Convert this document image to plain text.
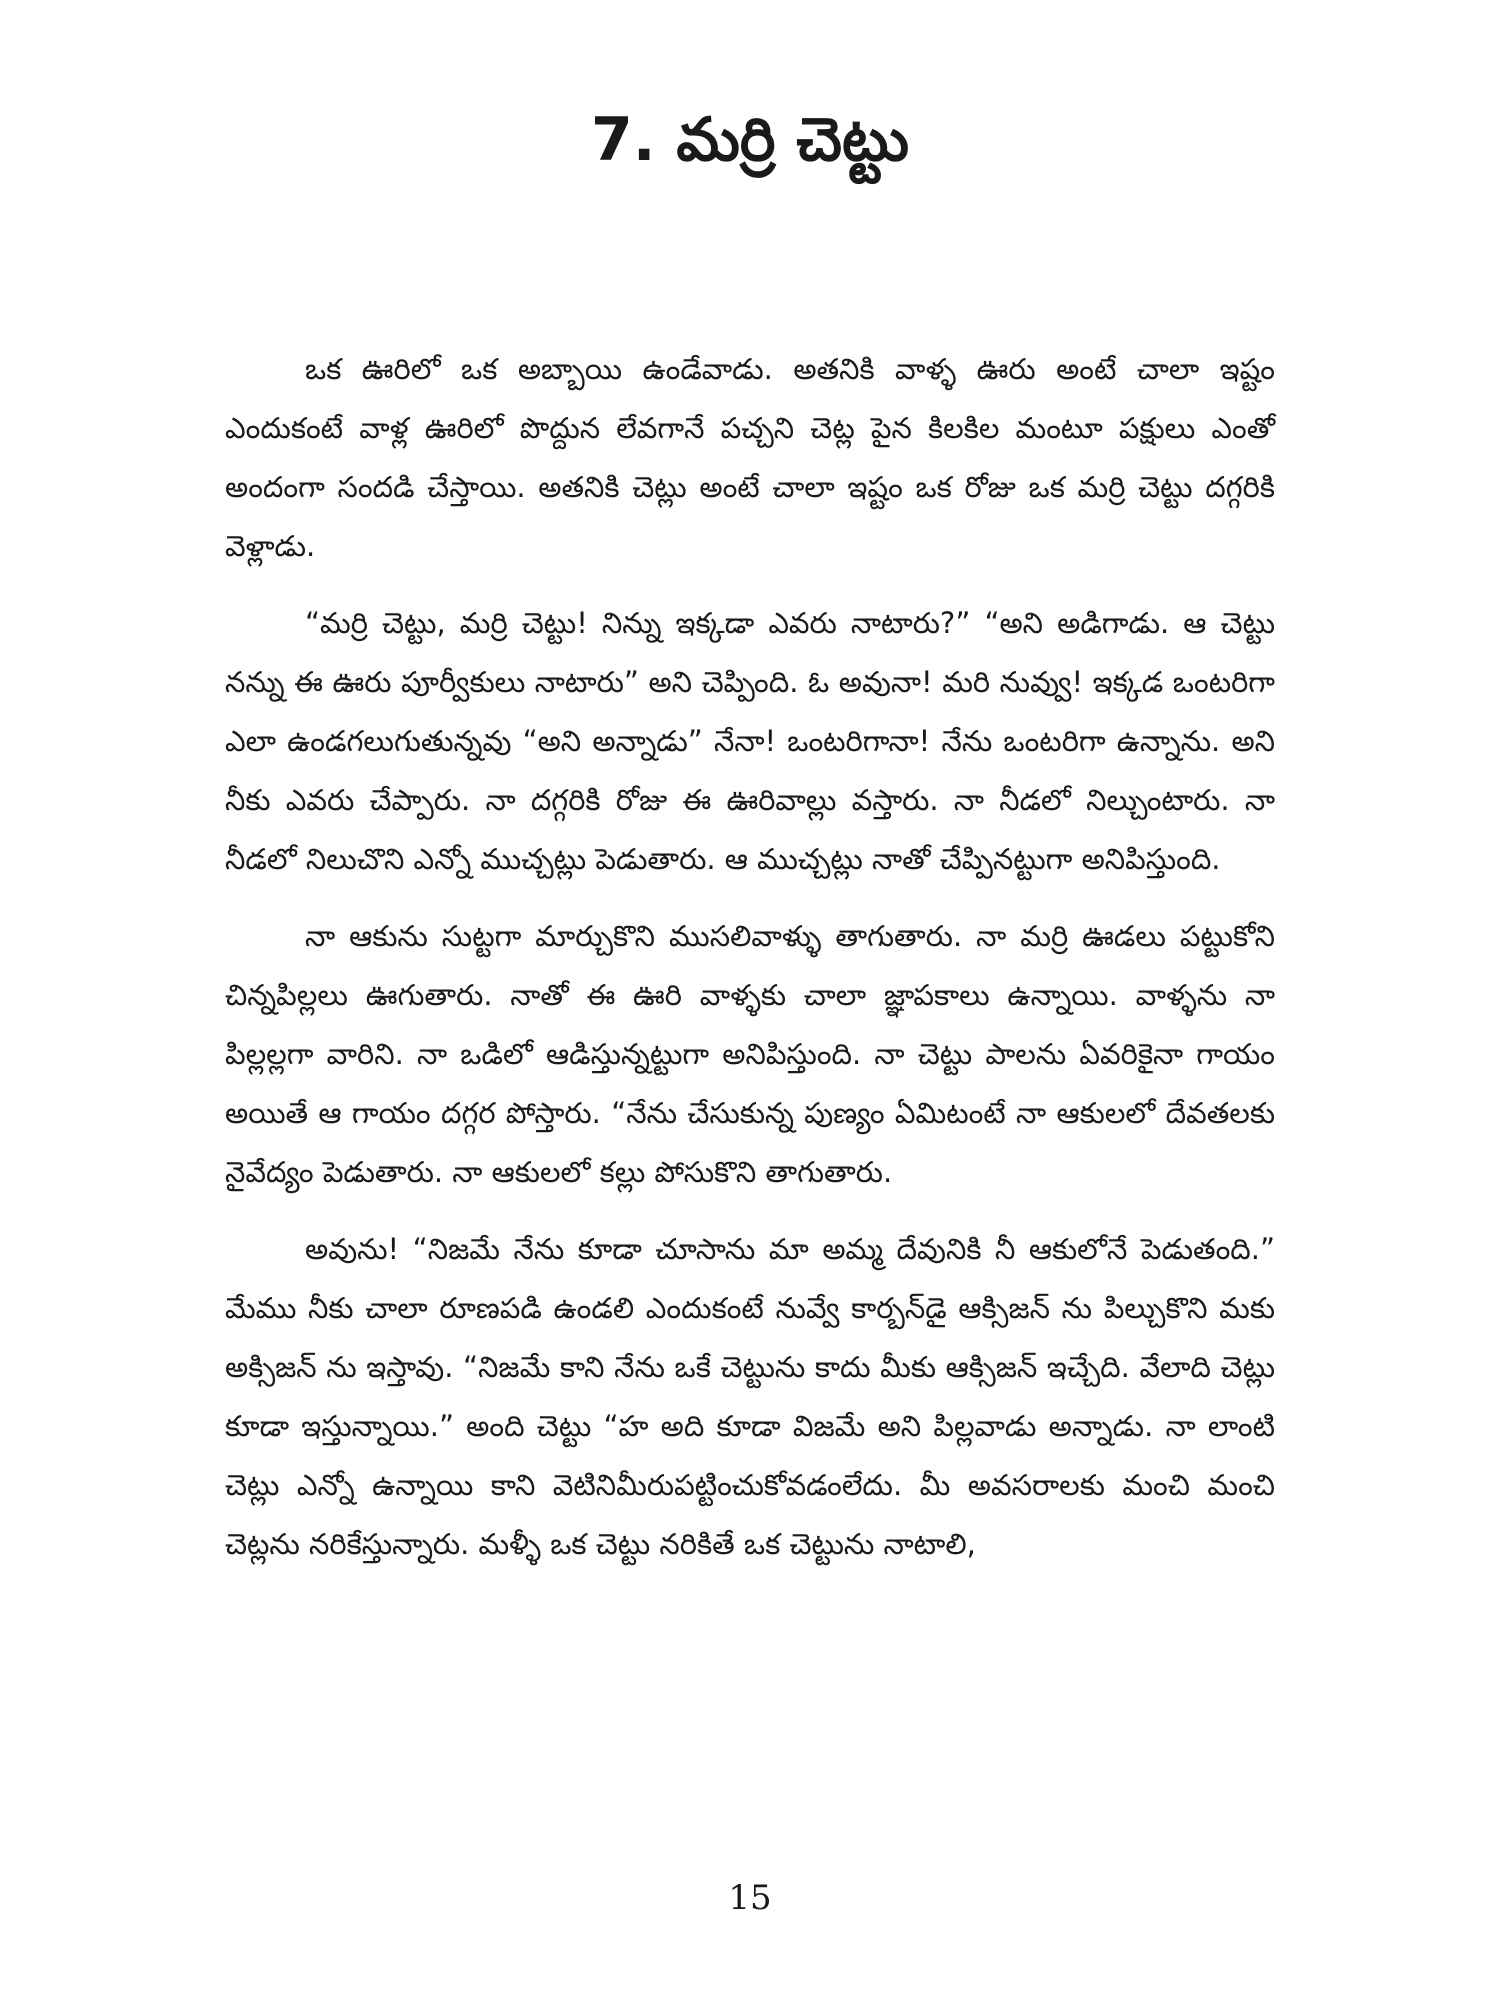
7. మర్రి చెట్టు

ఒక ఊరిలో ఒక అబ్బాయి ఉండేవాడు. అతనికి వాళ్ళ ఊరు అంటే చాలా ఇష్టం ఎందుకంటే వాళ్ల ఊరిలో పొద్దున లేవగానే పచ్చని చెట్ల పైన కిలకిల మంటూ పక్షులు ఎంతో అందంగా సందడి చేస్తాయి. అతనికి చెట్లు అంటే చాలా ఇష్టం ఒక రోజు ఒక మర్రి చెట్టు దగ్గరికి వెళ్లాడు.

“మర్రి చెట్టు, మర్రి చెట్టు! నిన్ను ఇక్కడా ఎవరు నాటారు?” “అని అడిగాడు. ఆ చెట్టు నన్ను ఈ ఊరు పూర్వీకులు నాటారు” అని చెప్పింది. ఓ అవునా! మరి నువ్వు! ఇక్కడ ఒంటరిగా ఎలా ఉండగలుగుతున్నవు “అని అన్నాడు” నేనా! ఒంటరిగానా! నేను ఒంటరిగా ఉన్నాను. అని నీకు ఎవరు చేప్పారు. నా దగ్గరికి రోజు ఈ ఊరివాల్లు వస్తారు. నా నీడలో నిల్చుంటారు. నా నీడలో నిలుచొని ఎన్నో ముచ్చట్లు పెడుతారు. ఆ ముచ్చట్లు నాతో చేప్పినట్టుగా అనిపిస్తుంది.

నా ఆకును సుట్టగా మార్చుకొని ముసలివాళ్ళు తాగుతారు. నా మర్రి ఊడలు పట్టుకోని చిన్నపిల్లలు ఊగుతారు. నాతో ఈ ఊరి వాళ్ళకు చాలా జ్ఞాపకాలు ఉన్నాయి. వాళ్ళను నా పిల్లల్లగా వారిని. నా ఒడిలో ఆడిస్తున్నట్టుగా అనిపిస్తుంది. నా చెట్టు పాలను ఏవరికైనా గాయం అయితే ఆ గాయం దగ్గర పోస్తారు. “నేను చేసుకున్న పుణ్యం ఏమిటంటే నా ఆకులలో దేవతలకు నైవేద్యం పెడుతారు. నా ఆకులలో కల్లు పోసుకొని తాగుతారు.

అవును! “నిజమే నేను కూడా చూసాను మా అమ్మ దేవునికి నీ ఆకులోనే పెడుతంది.” మేము నీకు చాలా రూణపడి ఉండలి ఎందుకంటే నువ్వే కార్బన్‌డై ఆక్సిజన్ ను పిల్చుకొని మకు అక్సిజన్ ను ఇస్తావు. “నిజమే కాని నేను ఒకే చెట్టును కాదు మీకు ఆక్సిజన్ ఇచ్చేది. వేలాది చెట్లు కూడా ఇస్తున్నాయి.” అంది చెట్టు “హ అది కూడా విజమే అని పిల్లవాడు అన్నాడు. నా లాంటి చెట్లు ఎన్నో ఉన్నాయి కాని వెటినిమీరుపట్టించుకోవడంలేదు. మీ అవసరాలకు మంచి మంచి చెట్లను నరికేస్తున్నారు. మళ్ళీ ఒక చెట్టు నరికితే ఒక చెట్టును నాటాలి,

15
